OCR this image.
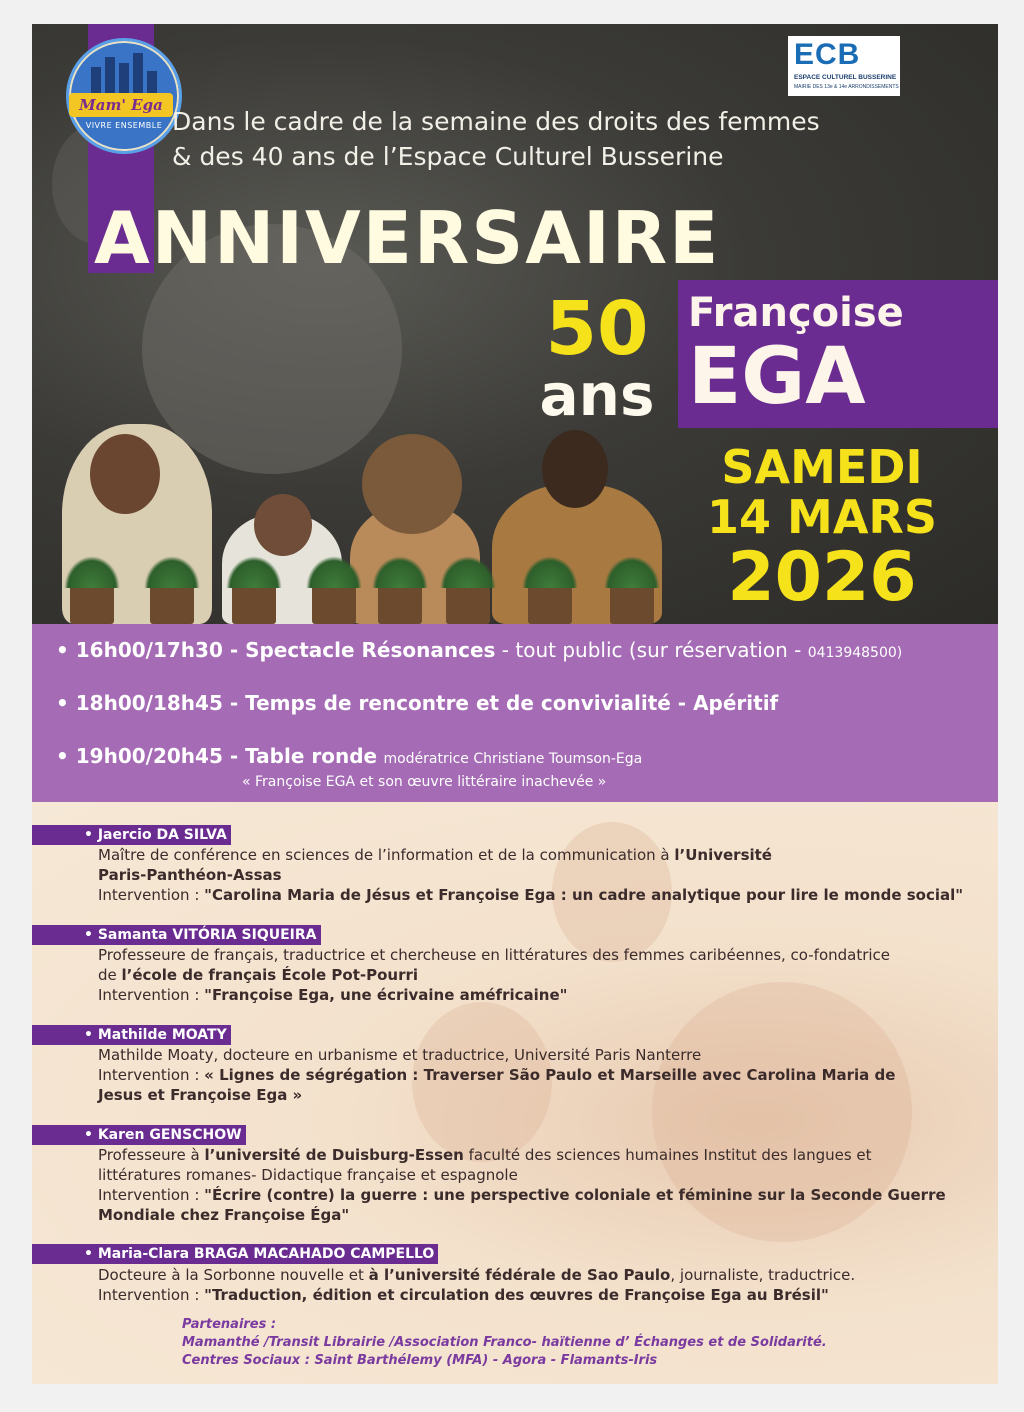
Mam' Ega
VIVRE ENSEMBLE
ECB
ESPACE CULTUREL BUSSERINE
MAIRIE DES 13e & 14e ARRONDISSEMENTS
Dans le cadre de la semaine des droits des femmes
& des 40 ans de l’Espace Culturel Busserine
ANNIVERSAIRE
50
ans
Françoise
EGA
SAMEDI
14 MARS
2026
• 16h00/17h30 - Spectacle Résonances - tout public (sur réservation - 0413948500)
• 18h00/18h45 - Temps de rencontre et de convivialité - Apéritif
• 19h00/20h45 - Table ronde modératrice Christiane Toumson-Ega
« Françoise EGA et son œuvre littéraire inachevée »
• Jaercio DA SILVA
Maître de conférence en sciences de l’information et de la communication à l’Université
Paris-Panthéon-Assas
Intervention : "Carolina Maria de Jésus et Françoise Ega : un cadre analytique pour lire le monde social"
• Samanta VITÓRIA SIQUEIRA
Professeure de français, traductrice et chercheuse en littératures des femmes caribéennes, co-fondatrice
de l’école de français École Pot-Pourri
Intervention : "Françoise Ega, une écrivaine améfricaine"
• Mathilde MOATY
Mathilde Moaty, docteure en urbanisme et traductrice, Université Paris Nanterre
Intervention : « Lignes de ségrégation : Traverser São Paulo et Marseille avec Carolina Maria de
Jesus et Françoise Ega »
• Karen GENSCHOW
Professeure à l’université de Duisburg-Essen faculté des sciences humaines Institut des langues et
littératures romanes- Didactique française et espagnole
Intervention : "Écrire (contre) la guerre : une perspective coloniale et féminine sur la Seconde Guerre
Mondiale chez Françoise Éga"
• Maria-Clara BRAGA MACAHADO CAMPELLO
Docteure à la Sorbonne nouvelle et à l’université fédérale de Sao Paulo, journaliste, traductrice.
Intervention : "Traduction, édition et circulation des œuvres de Françoise Ega au Brésil"
Partenaires :
Mamanthé /Transit Librairie /Association Franco- haïtienne d’ Échanges et de Solidarité.
Centres Sociaux : Saint Barthélemy (MFA) - Agora - Flamants-Iris
